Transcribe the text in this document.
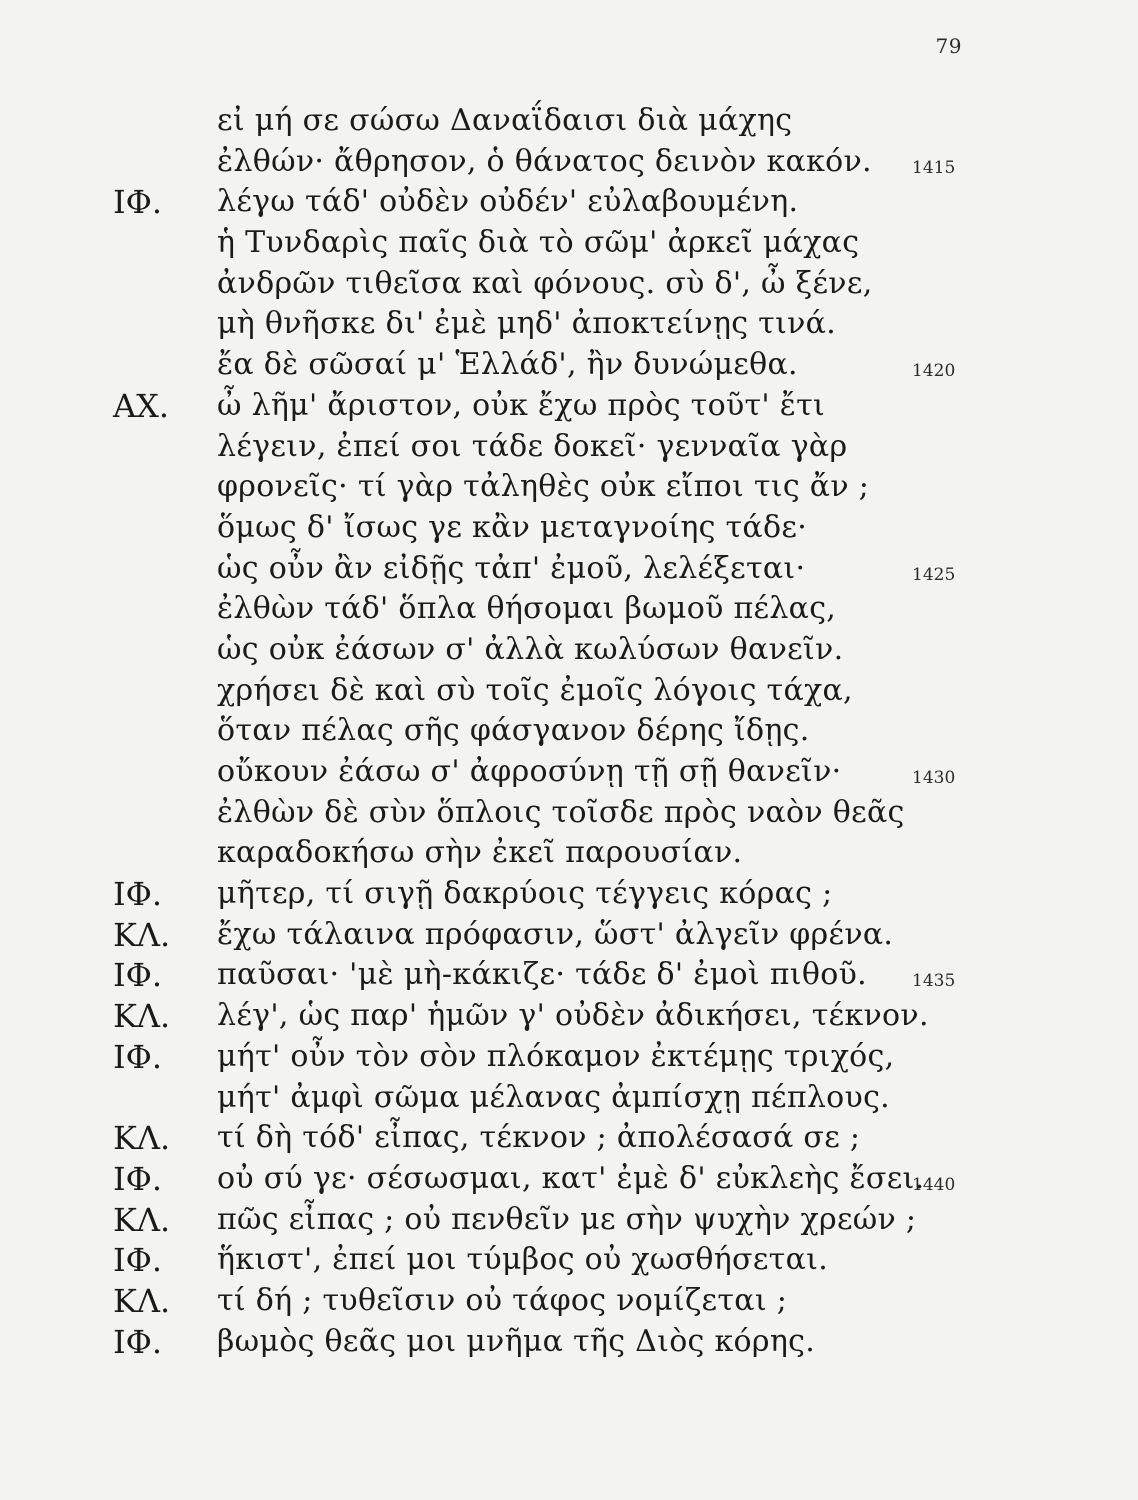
79
εἰ μή σε σώσω Δαναΐδαισι διὰ μάχης
ἐλθών· ἄθρησον, ὁ θάνατος δεινὸν κακόν. 1415
ΙΦ. λέγω τάδ' οὐδὲν οὐδέν' εὐλαβουμένη.
ἡ Τυνδαρὶς παῖς διὰ τὸ σῶμ' ἀρκεῖ μάχας
ἀνδρῶν τιθεῖσα καὶ φόνους. σὺ δ', ὦ ξένε,
μὴ θνῆσκε δι' ἐμὲ μηδ' ἀποκτείνῃς τινά.
ἔα δὲ σῶσαί μ' Ἑλλάδ', ἢν δυνώμεθα.	1420
ΑΧ. ὦ λῆμ' ἄριστον, οὐκ ἔχω πρὸς τοῦτ' ἔτι
λέγειν, ἐπεί σοι τάδε δοκεῖ· γενναῖα γὰρ
φρονεῖς· τί γὰρ τἀληθὲς οὐκ εἴποι τις ἄν ;
ὅμως δ' ἴσως γε κἂν μεταγνοίης τάδε·
ὡς οὖν ἂν εἰδῇς τἀπ' ἐμοῦ, λελέξεται·	1425
ἐλθὼν τάδ' ὅπλα θήσομαι βωμοῦ πέλας,
ὡς οὐκ ἐάσων σ' ἀλλὰ κωλύσων θανεῖν.
χρήσει δὲ καὶ σὺ τοῖς ἐμοῖς λόγοις τάχα,
ὅταν πέλας σῆς φάσγανον δέρης ἴδῃς.
οὔκουν ἐάσω σ' ἀφροσύνῃ τῇ σῇ θανεῖν·	1430
ἐλθὼν δὲ σὺν ὅπλοις τοῖσδε πρὸς ναὸν θεᾶς
καραδοκήσω σὴν ἐκεῖ παρουσίαν.
ΙΦ. μῆτερ, τί σιγῇ δακρύοις τέγγεις κόρας ;
ΚΛ. ἔχω τάλαινα πρόφασιν, ὥστ' ἀλγεῖν φρένα.
ΙΦ. παῦσαι· 'μὲ μὴ-κάκιζε· τάδε δ' ἐμοὶ πιθοῦ.	1435
ΚΛ. λέγ', ὡς παρ' ἡμῶν γ' οὐδὲν ἀδικήσει, τέκνον.
ΙΦ. μήτ' οὖν τὸν σὸν πλόκαμον ἐκτέμῃς τριχός,
μήτ' ἀμφὶ σῶμα μέλανας ἀμπίσχῃ πέπλους.
ΚΛ. τί δὴ τόδ' εἶπας, τέκνον ; ἀπολέσασά σε ;
ΙΦ. οὐ σύ γε· σέσωσμαι, κατ' ἐμὲ δ' εὐκλεὴς ἔσει.
1440
ΚΛ. πῶς εἶπας ; οὐ πενθεῖν με σὴν ψυχὴν χρεών ;
ΙΦ. ἥκιστ', ἐπεί μοι τύμβος οὐ χωσθήσεται.
ΚΛ. τί δή ; τυθεῖσιν οὐ τάφος νομίζεται ;
ΙΦ. βωμὸς θεᾶς μοι μνῆμα τῆς Διὸς κόρης.
